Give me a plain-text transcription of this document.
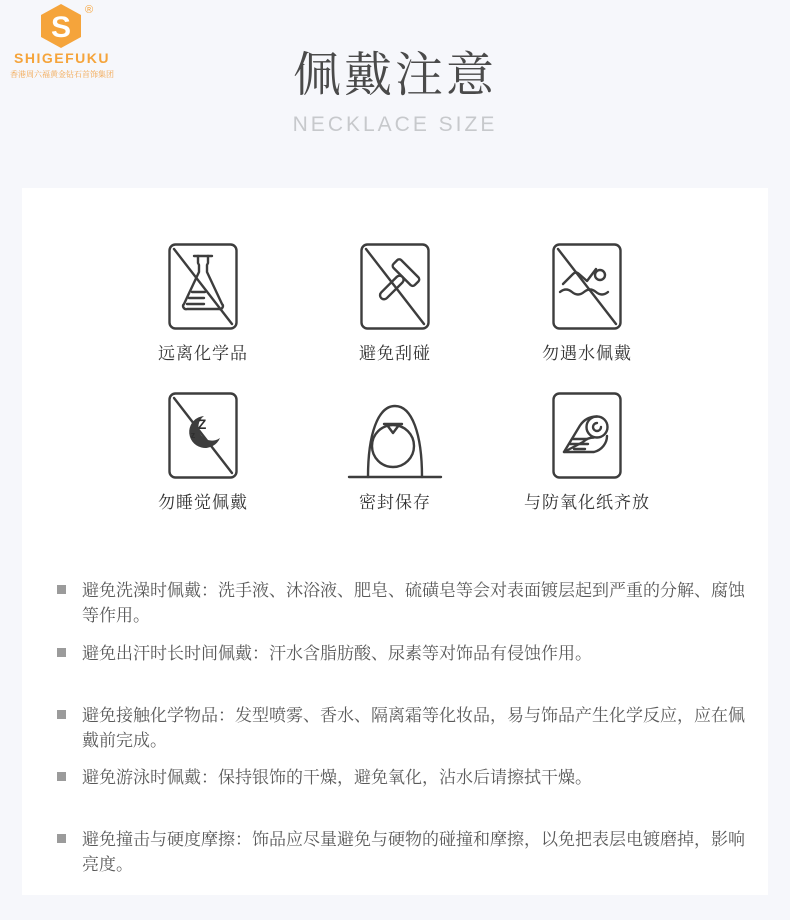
S
®
SHIGEFUKU
香港周六福黄金钻石首饰集团	佩戴注意
NECKLACE SIZE
远离化学品	避免刮碰	勿遇水佩戴
Z
z
勿睡觉佩戴	密封保存	与防氧化纸齐放
避免洗澡时佩戴：洗手液、沐浴液、肥皂、硫磺皂等会对表面镀层起到严重的分解、腐蚀等作用。
避免出汗时长时间佩戴：汗水含脂肪酸、尿素等对饰品有侵蚀作用。
避免接触化学物品：发型喷雾、香水、隔离霜等化妆品，易与饰品产生化学反应，应在佩戴前完成。
避免游泳时佩戴：保持银饰的干燥，避免氧化，沾水后请擦拭干燥。
避免撞击与硬度摩擦：饰品应尽量避免与硬物的碰撞和摩擦，以免把表层电镀磨掉，影响亮度。
